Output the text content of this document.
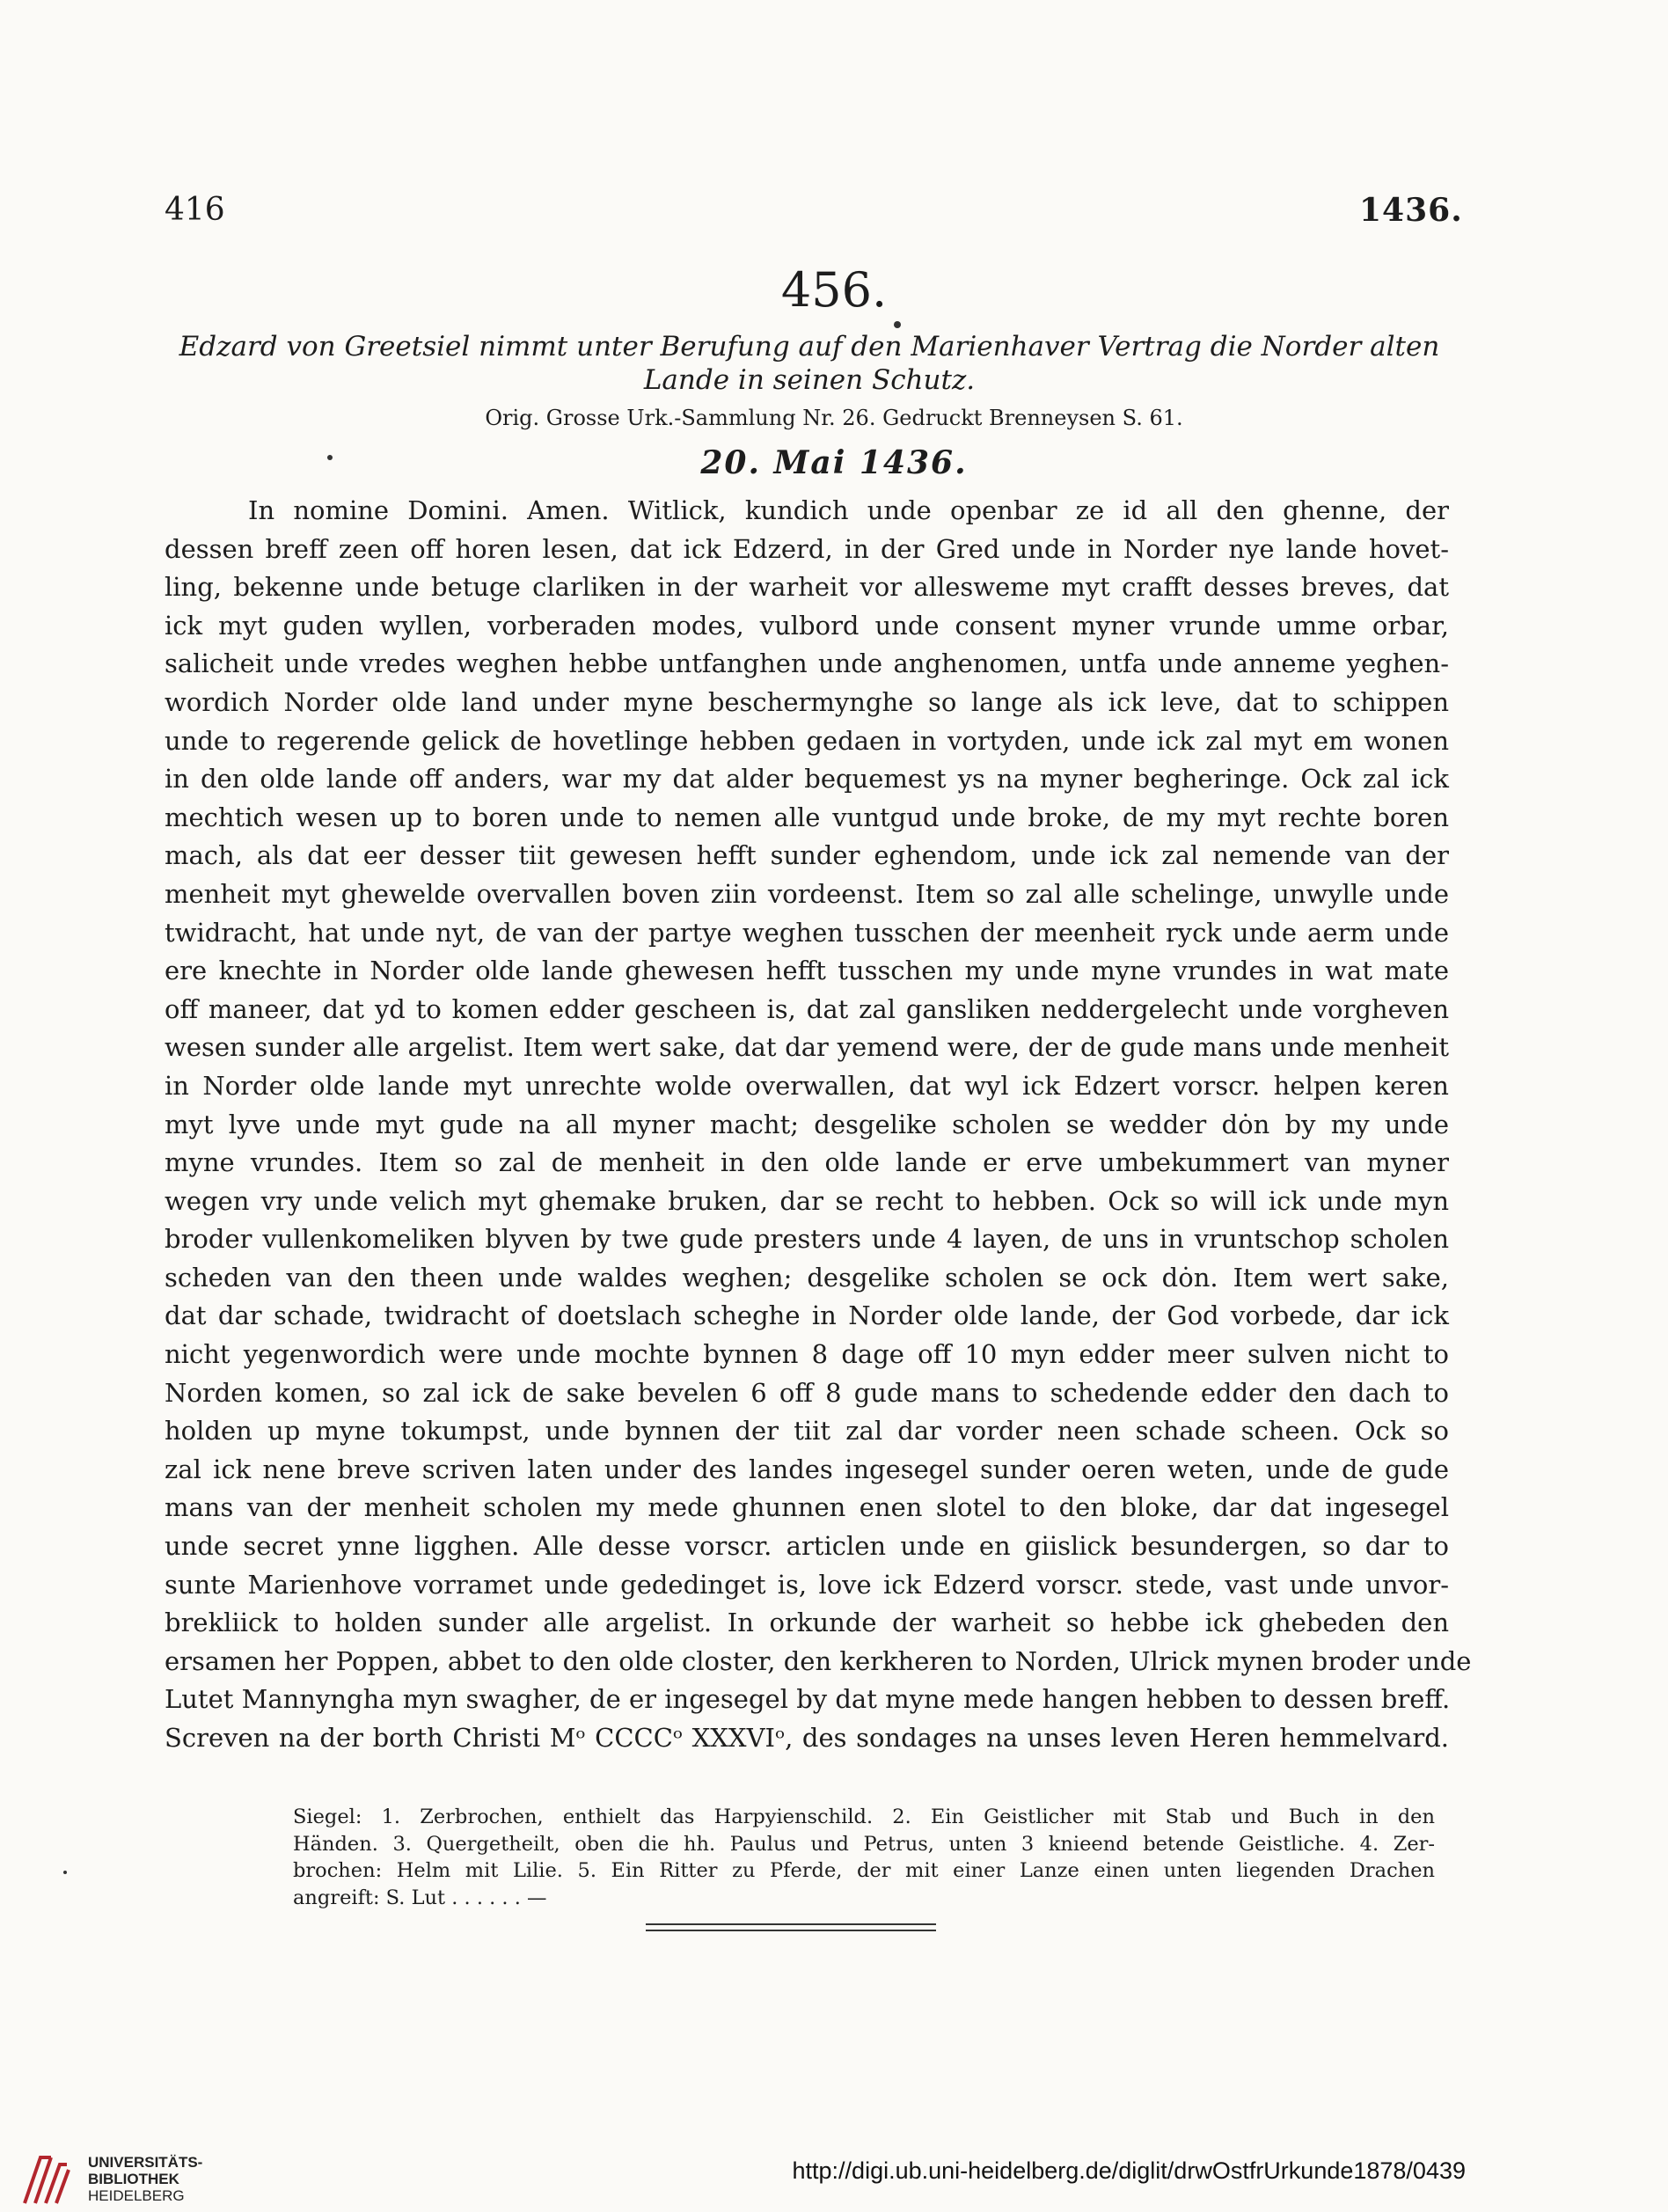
416	1436.
456.
Edzard von Greetsiel nimmt unter Berufung auf den Marienhaver Vertrag die Norder alten Lande in seinen Schutz.
Orig. Grosse Urk.-Sammlung Nr. 26. Gedruckt Brenneysen S. 61.
20. Mai 1436.
In nomine Domini. Amen. Witlick, kundich unde openbar ze id all den ghenne, der
dessen breff zeen off horen lesen, dat ick Edzerd, in der Gred unde in Norder nye lande hovet-
ling, bekenne unde betuge clarliken in der warheit vor allesweme myt crafft desses breves, dat
ick myt guden wyllen, vorberaden modes, vulbord unde consent myner vrunde umme orbar,
salicheit unde vredes weghen hebbe untfanghen unde anghenomen, untfa unde anneme yeghen-
wordich Norder olde land under myne beschermynghe so lange als ick leve, dat to schippen
unde to regerende gelick de hovetlinge hebben gedaen in vortyden, unde ick zal myt em wonen
in den olde lande off anders, war my dat alder bequemest ys na myner begheringe. Ock zal ick
mechtich wesen up to boren unde to nemen alle vuntgud unde broke, de my myt rechte boren
mach, als dat eer desser tiit gewesen hefft sunder eghendom, unde ick zal nemende van der
menheit myt ghewelde overvallen boven ziin vordeenst. Item so zal alle schelinge, unwylle unde
twidracht, hat unde nyt, de van der partye weghen tusschen der meenheit ryck unde aerm unde
ere knechte in Norder olde lande ghewesen hefft tusschen my unde myne vrundes in wat mate
off maneer, dat yd to komen edder gescheen is, dat zal gansliken neddergelecht unde vorgheven
wesen sunder alle argelist. Item wert sake, dat dar yemend were, der de gude mans unde menheit
in Norder olde lande myt unrechte wolde overwallen, dat wyl ick Edzert vorscr. helpen keren
myt lyve unde myt gude na all myner macht; desgelike scholen se wedder dȯn by my unde
myne vrundes. Item so zal de menheit in den olde lande er erve umbekummert van myner
wegen vry unde velich myt ghemake bruken, dar se recht to hebben. Ock so will ick unde myn
broder vullenkomeliken blyven by twe gude presters unde 4 layen, de uns in vruntschop scholen
scheden van den theen unde waldes weghen; desgelike scholen se ock dȯn. Item wert sake,
dat dar schade, twidracht of doetslach scheghe in Norder olde lande, der God vorbede, dar ick
nicht yegenwordich were unde mochte bynnen 8 dage off 10 myn edder meer sulven nicht to
Norden komen, so zal ick de sake bevelen 6 off 8 gude mans to schedende edder den dach to
holden up myne tokumpst, unde bynnen der tiit zal dar vorder neen schade scheen. Ock so
zal ick nene breve scriven laten under des landes ingesegel sunder oeren weten, unde de gude
mans van der menheit scholen my mede ghunnen enen slotel to den bloke, dar dat ingesegel
unde secret ynne ligghen. Alle desse vorscr. articlen unde en giislick besundergen, so dar to
sunte Marienhove vorramet unde gededinget is, love ick Edzerd vorscr. stede, vast unde unvor-
brekliick to holden sunder alle argelist. In orkunde der warheit so hebbe ick ghebeden den
ersamen her Poppen, abbet to den olde closter, den kerkheren to Norden, Ulrick mynen broder unde
Lutet Mannyngha myn swagher, de er ingesegel by dat myne mede hangen hebben to dessen breff.
Screven na der borth Christi Mᵒ CCCCᵒ XXXVIᵒ, des sondages na unses leven Heren hemmelvard.
Siegel: 1. Zerbrochen, enthielt das Harpyienschild. 2. Ein Geistlicher mit Stab und Buch in den
Händen. 3. Quergetheilt, oben die hh. Paulus und Petrus, unten 3 knieend betende Geistliche. 4. Zer-
brochen: Helm mit Lilie. 5. Ein Ritter zu Pferde, der mit einer Lanze einen unten liegenden Drachen
angreift: S. Lut . . . . . . —
UNIVERSITÄTS-
BIBLIOTHEK
HEIDELBERG
http://digi.ub.uni-heidelberg.de/diglit/drwOstfrUrkunde1878/0439
